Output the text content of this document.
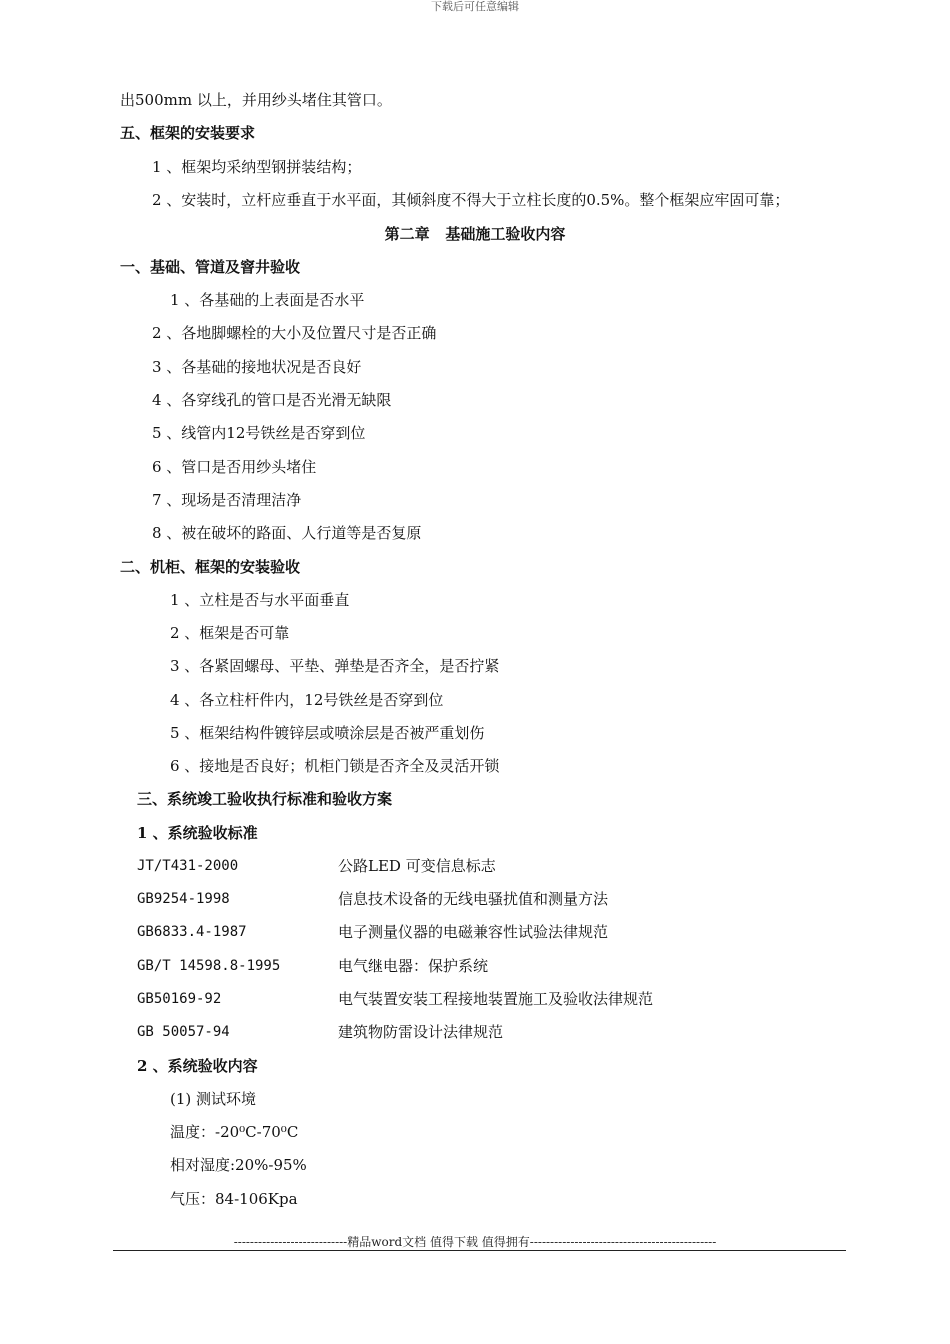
下载后可任意编辑
出500mm 以上，并用纱头堵住其管口。
五、框架的安装要求
1 、框架均采纳型钢拼装结构；
2 、安装时，立杆应垂直于水平面，其倾斜度不得大于立柱长度的0.5%。整个框架应牢固可靠；
第二章   基础施工验收内容
一、基础、管道及窨井验收
1 、各基础的上表面是否水平
2 、各地脚螺栓的大小及位置尺寸是否正确
3 、各基础的接地状况是否良好
4 、各穿线孔的管口是否光滑无缺限
5 、线管内12号铁丝是否穿到位
6 、管口是否用纱头堵住
7 、现场是否清理洁净
8 、被在破坏的路面、人行道等是否复原
二、机柜、框架的安装验收
1 、立柱是否与水平面垂直
2 、框架是否可靠
3 、各紧固螺母、平垫、弹垫是否齐全，是否拧紧
4 、各立柱杆件内，12号铁丝是否穿到位
5 、框架结构件镀锌层或喷涂层是否被严重划伤
6 、接地是否良好；机柜门锁是否齐全及灵活开锁
三、系统竣工验收执行标准和验收方案
1 、系统验收标准
JT/T431-2000	公路LED 可变信息标志
GB9254-1998	信息技术设备的无线电骚扰值和测量方法
GB6833.4-1987	电子测量仪器的电磁兼容性试验法律规范
GB/T 14598.8-1995	电气继电器：保护系统
GB50169-92	电气装置安装工程接地装置施工及验收法律规范
GB 50057-94	建筑物防雷设计法律规范
2 、系统验收内容
(1) 测试环境
温度：-20⁰C-70⁰C
相对湿度:20%-95%
气压：84-106Kpa
----------------------------精品word文档 值得下载 值得拥有----------------------------------------------
